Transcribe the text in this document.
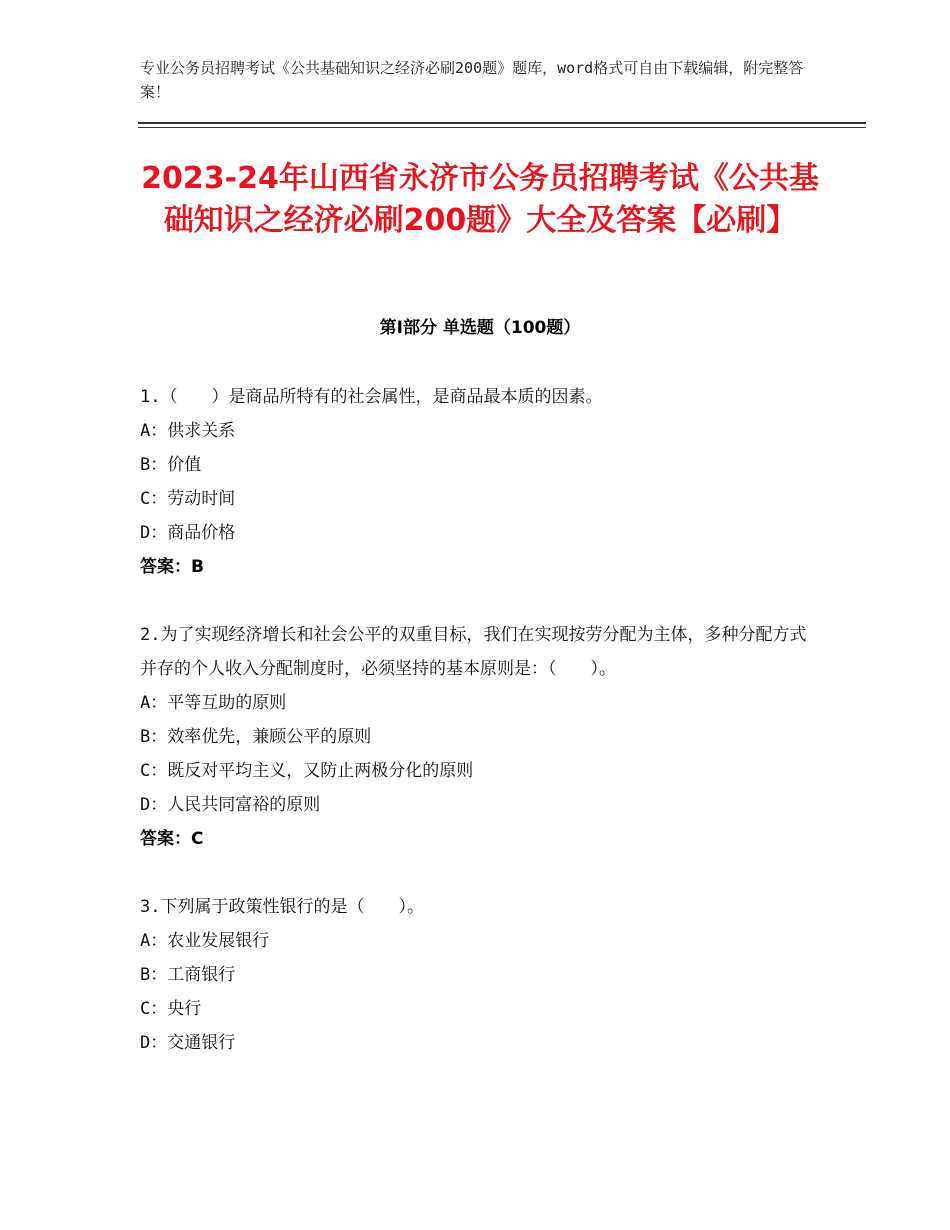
专业公务员招聘考试《公共基础知识之经济必刷200题》题库，word格式可自由下载编辑，附完整答案！
2023-24年山西省永济市公务员招聘考试《公共基础知识之经济必刷200题》大全及答案【必刷】
第Ⅰ部分 单选题（100题）

1.（　　）是商品所特有的社会属性，是商品最本质的因素。

A：供求关系

B：价值

C：劳动时间

D：商品价格

答案：B

2.为了实现经济增长和社会公平的双重目标，我们在实现按劳分配为主体，多种分配方式并存的个人收入分配制度时，必须坚持的基本原则是：（　　）。

A：平等互助的原则

B：效率优先，兼顾公平的原则

C：既反对平均主义，又防止两极分化的原则

D：人民共同富裕的原则

答案：C

3.下列属于政策性银行的是（　　）。

A：农业发展银行

B：工商银行

C：央行

D：交通银行
